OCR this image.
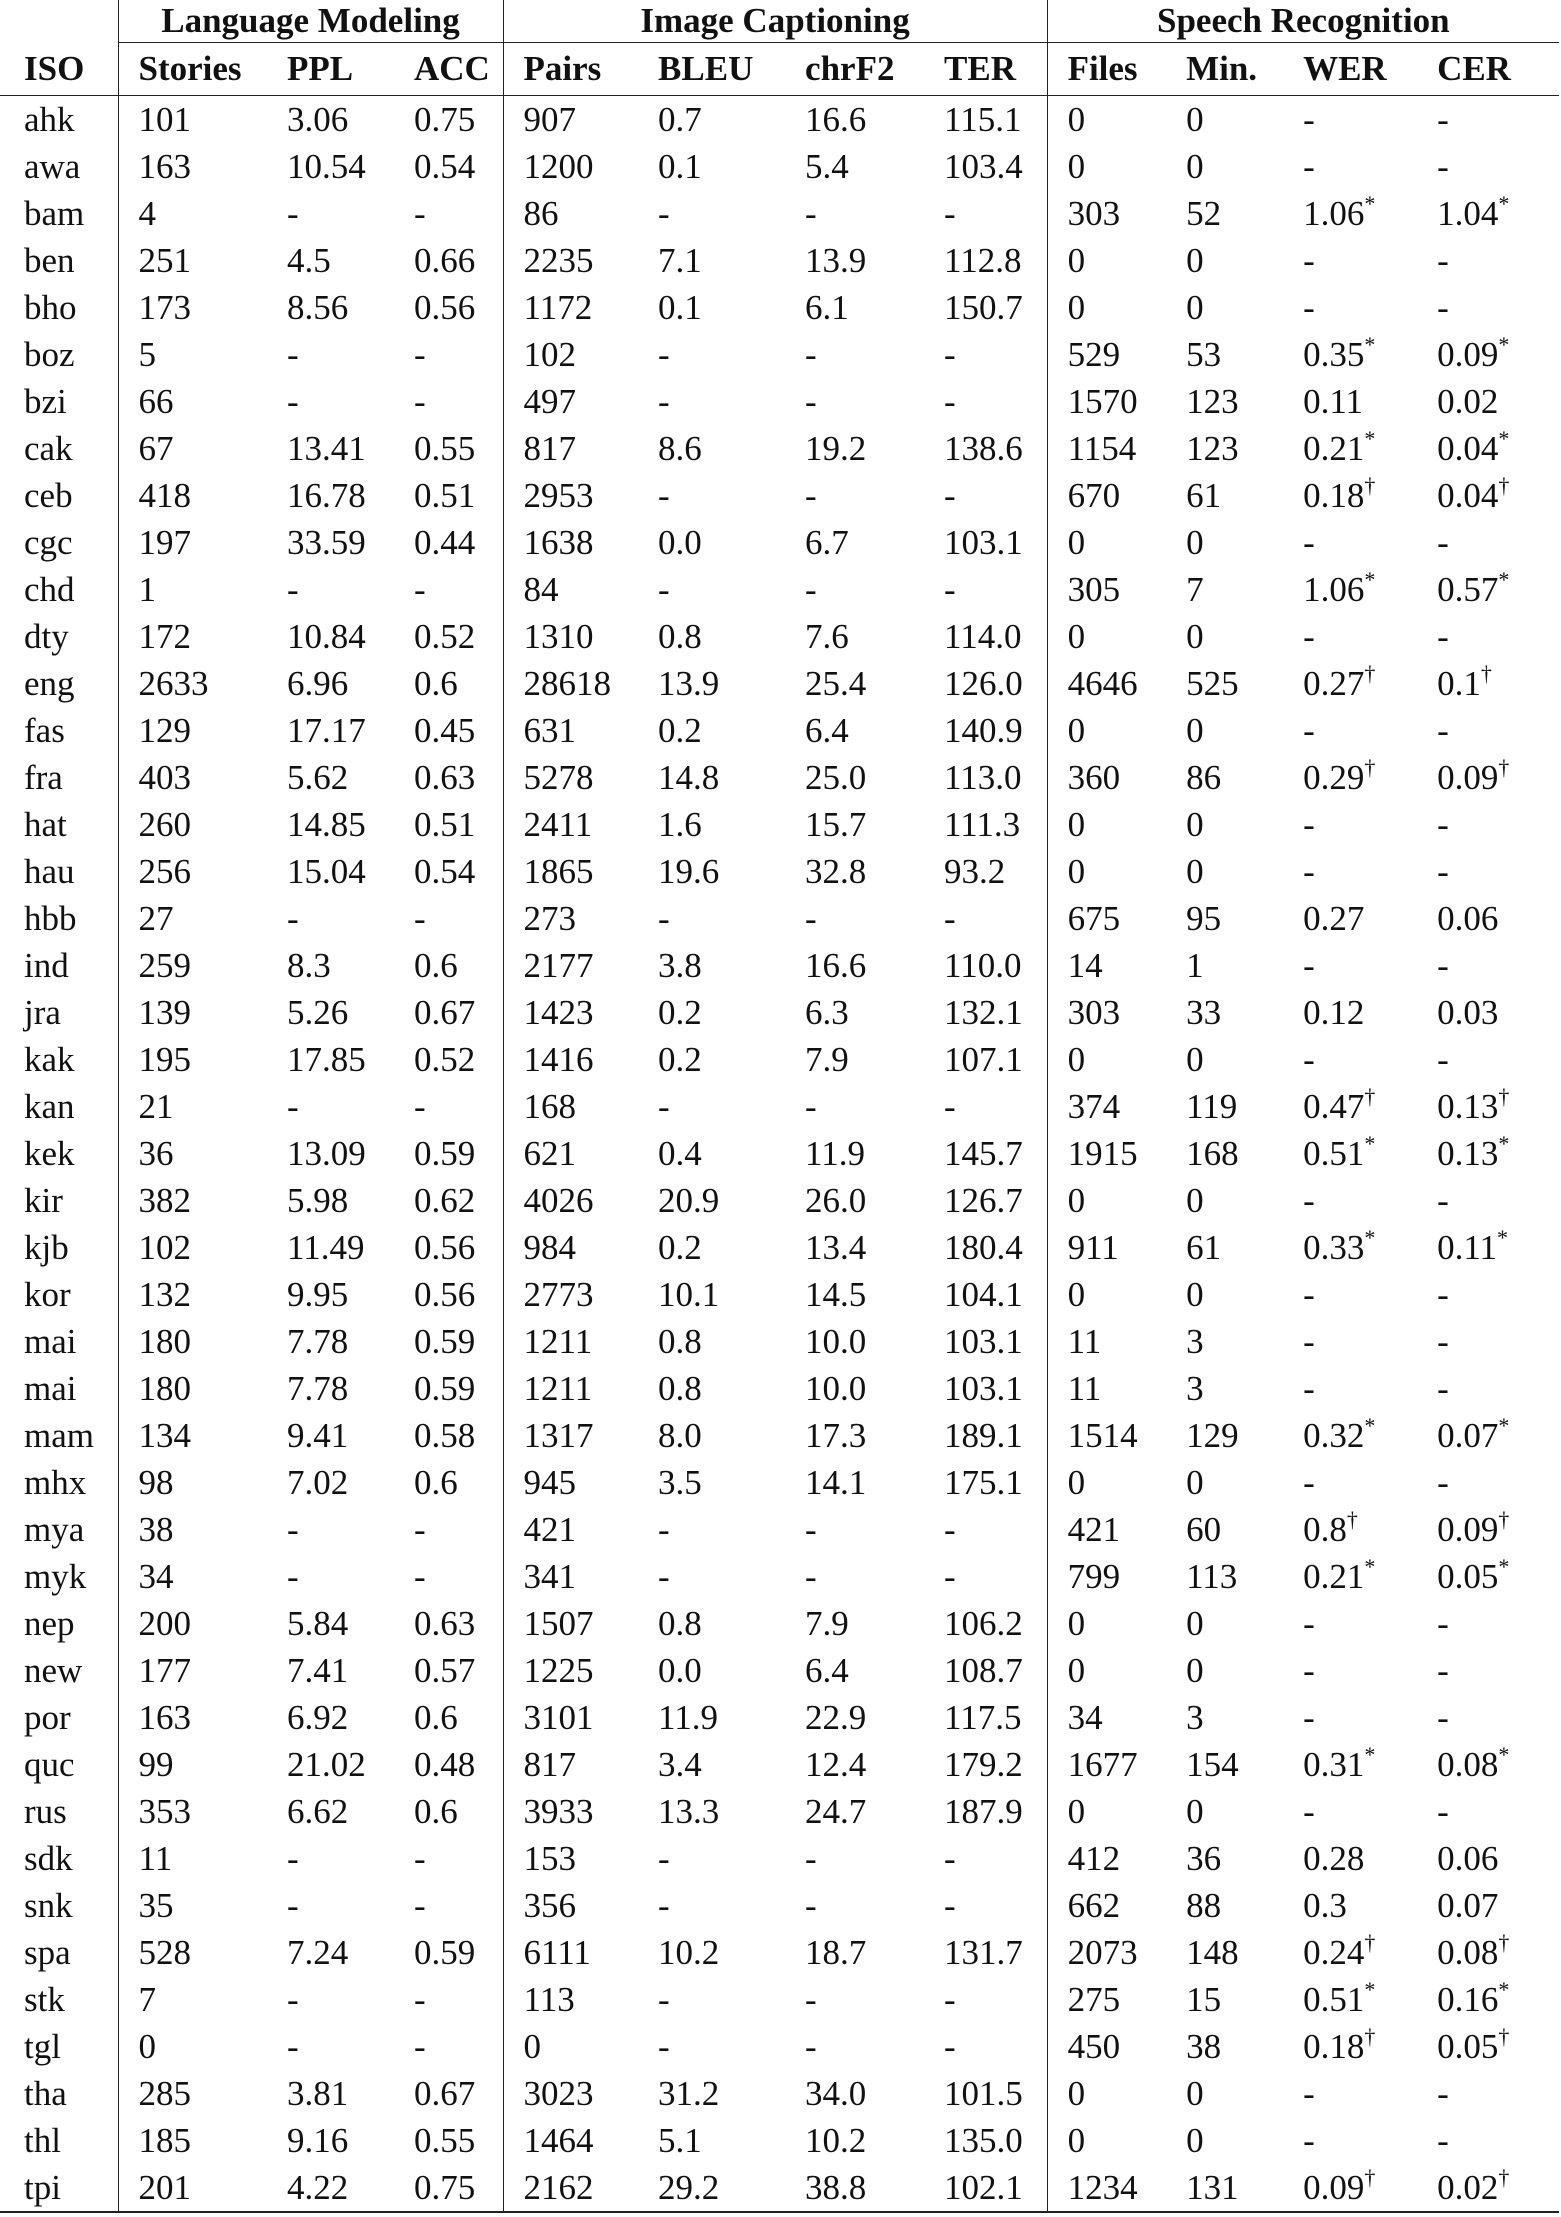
	Language Modeling			Image Captioning				Speech Recognition			
ISO	Stories	PPL	ACC	Pairs	BLEU	chrF2	TER	Files	Min.	WER	CER
ahk	101	3.06	0.75	907	0.7	16.6	115.1	0	0	-	-
awa	163	10.54	0.54	1200	0.1	5.4	103.4	0	0	-	-
bam	4	-	-	86	-	-	-	303	52	1.06*	1.04*
ben	251	4.5	0.66	2235	7.1	13.9	112.8	0	0	-	-
bho	173	8.56	0.56	1172	0.1	6.1	150.7	0	0	-	-
boz	5	-	-	102	-	-	-	529	53	0.35*	0.09*
bzi	66	-	-	497	-	-	-	1570	123	0.11	0.02
cak	67	13.41	0.55	817	8.6	19.2	138.6	1154	123	0.21*	0.04*
ceb	418	16.78	0.51	2953	-	-	-	670	61	0.18†	0.04†
cgc	197	33.59	0.44	1638	0.0	6.7	103.1	0	0	-	-
chd	1	-	-	84	-	-	-	305	7	1.06*	0.57*
dty	172	10.84	0.52	1310	0.8	7.6	114.0	0	0	-	-
eng	2633	6.96	0.6	28618	13.9	25.4	126.0	4646	525	0.27†	0.1†
fas	129	17.17	0.45	631	0.2	6.4	140.9	0	0	-	-
fra	403	5.62	0.63	5278	14.8	25.0	113.0	360	86	0.29†	0.09†
hat	260	14.85	0.51	2411	1.6	15.7	111.3	0	0	-	-
hau	256	15.04	0.54	1865	19.6	32.8	93.2	0	0	-	-
hbb	27	-	-	273	-	-	-	675	95	0.27	0.06
ind	259	8.3	0.6	2177	3.8	16.6	110.0	14	1	-	-
jra	139	5.26	0.67	1423	0.2	6.3	132.1	303	33	0.12	0.03
kak	195	17.85	0.52	1416	0.2	7.9	107.1	0	0	-	-
kan	21	-	-	168	-	-	-	374	119	0.47†	0.13†
kek	36	13.09	0.59	621	0.4	11.9	145.7	1915	168	0.51*	0.13*
kir	382	5.98	0.62	4026	20.9	26.0	126.7	0	0	-	-
kjb	102	11.49	0.56	984	0.2	13.4	180.4	911	61	0.33*	0.11*
kor	132	9.95	0.56	2773	10.1	14.5	104.1	0	0	-	-
mai	180	7.78	0.59	1211	0.8	10.0	103.1	11	3	-	-
mai	180	7.78	0.59	1211	0.8	10.0	103.1	11	3	-	-
mam	134	9.41	0.58	1317	8.0	17.3	189.1	1514	129	0.32*	0.07*
mhx	98	7.02	0.6	945	3.5	14.1	175.1	0	0	-	-
mya	38	-	-	421	-	-	-	421	60	0.8†	0.09†
myk	34	-	-	341	-	-	-	799	113	0.21*	0.05*
nep	200	5.84	0.63	1507	0.8	7.9	106.2	0	0	-	-
new	177	7.41	0.57	1225	0.0	6.4	108.7	0	0	-	-
por	163	6.92	0.6	3101	11.9	22.9	117.5	34	3	-	-
quc	99	21.02	0.48	817	3.4	12.4	179.2	1677	154	0.31*	0.08*
rus	353	6.62	0.6	3933	13.3	24.7	187.9	0	0	-	-
sdk	11	-	-	153	-	-	-	412	36	0.28	0.06
snk	35	-	-	356	-	-	-	662	88	0.3	0.07
spa	528	7.24	0.59	6111	10.2	18.7	131.7	2073	148	0.24†	0.08†
stk	7	-	-	113	-	-	-	275	15	0.51*	0.16*
tgl	0	-	-	0	-	-	-	450	38	0.18†	0.05†
tha	285	3.81	0.67	3023	31.2	34.0	101.5	0	0	-	-
thl	185	9.16	0.55	1464	5.1	10.2	135.0	0	0	-	-
tpi	201	4.22	0.75	2162	29.2	38.8	102.1	1234	131	0.09†	0.02†
